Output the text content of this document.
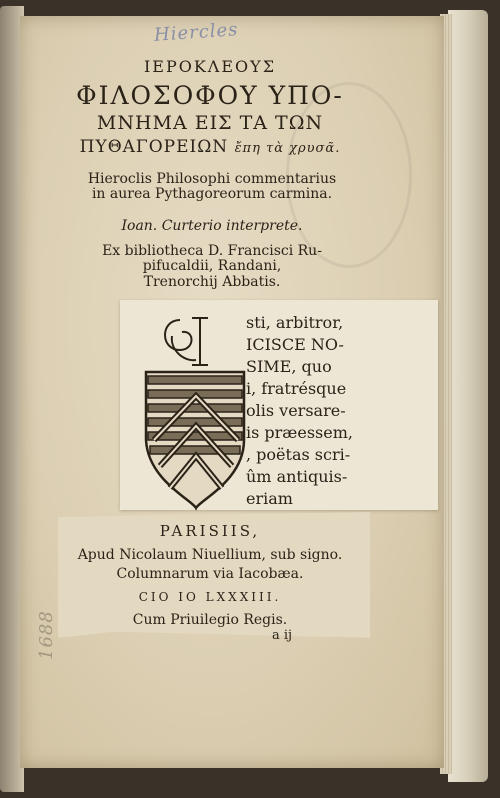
Hiercles
1688
ΙΕΡΟΚΛΕΟΥΣ
ΦΙΛΟΣΟΦΟΥ ΥΠΟ-
ΜΝΗΜΑ ΕΙΣ ΤΑ ΤΩΝ
ΠΥΘΑΓΟΡΕΙΩΝ ἔπη τὰ χρυσᾶ.
Hieroclis Philosophi commentarius
in aurea Pythagoreorum carmina.
Ioan. Curterio interprete.
Ex bibliotheca D. Francisci Ru-
pifucaldii, Randani,
Trenorchij Abbatis.
sti, arbitror,
ICISCE NO-
SIME, quo
i, fratrésque
olis versare-
is præessem,
, poëtas scri-
ûm antiquis-
eriam
PARISIIS,
Apud Nicolaum Niuellium, sub signo.
Columnarum via Iacobæa.
CIO IO LXXXIII.
Cum Priuilegio Regis.
a ij
